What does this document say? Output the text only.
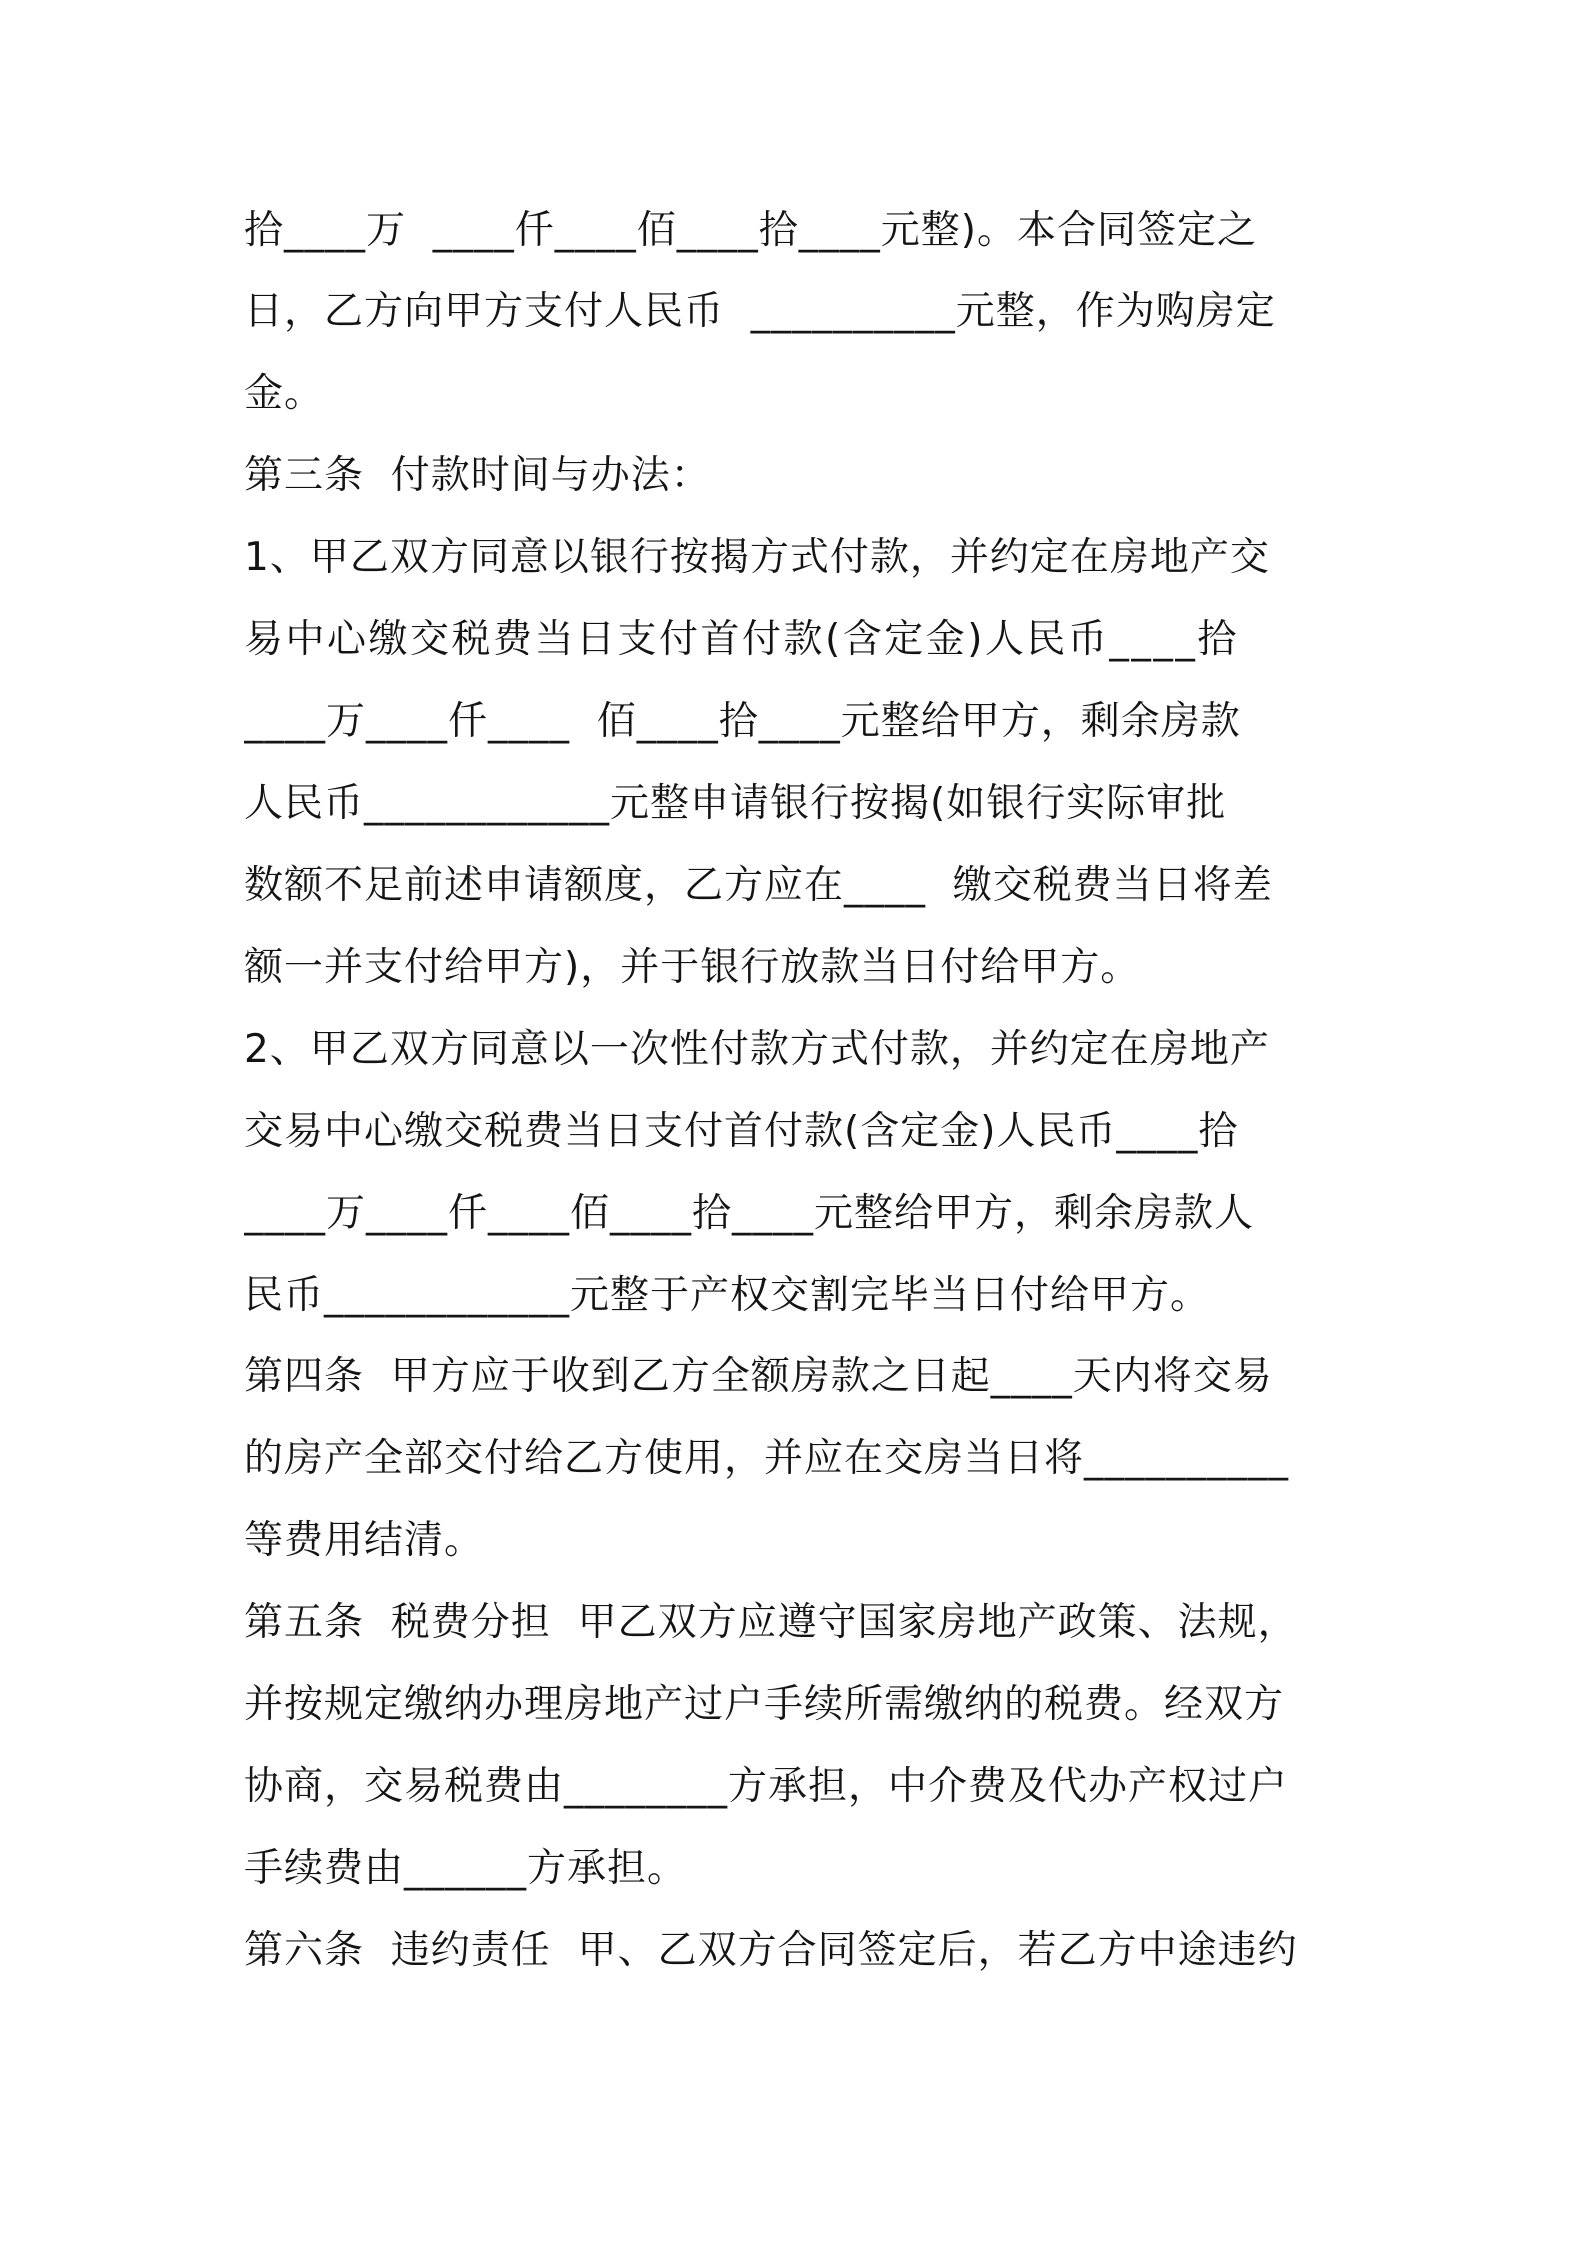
拾____万  ____仟____佰____拾____元整)。本合同签定之
日，乙方向甲方支付人民币  __________元整，作为购房定
金。
第三条  付款时间与办法：
1、甲乙双方同意以银行按揭方式付款，并约定在房地产交
易中心缴交税费当日支付首付款(含定金)人民币____拾
____万____仟____  佰____拾____元整给甲方，剩余房款
人民币____________元整申请银行按揭(如银行实际审批
数额不足前述申请额度，乙方应在____  缴交税费当日将差
额一并支付给甲方)，并于银行放款当日付给甲方。
2、甲乙双方同意以一次性付款方式付款，并约定在房地产
交易中心缴交税费当日支付首付款(含定金)人民币____拾
____万____仟____佰____拾____元整给甲方，剩余房款人
民币____________元整于产权交割完毕当日付给甲方。
第四条  甲方应于收到乙方全额房款之日起____天内将交易
的房产全部交付给乙方使用，并应在交房当日将__________
等费用结清。
第五条  税费分担  甲乙双方应遵守国家房地产政策、法规，
并按规定缴纳办理房地产过户手续所需缴纳的税费。经双方
协商，交易税费由________方承担，中介费及代办产权过户
手续费由______方承担。
第六条  违约责任  甲、乙双方合同签定后，若乙方中途违约
